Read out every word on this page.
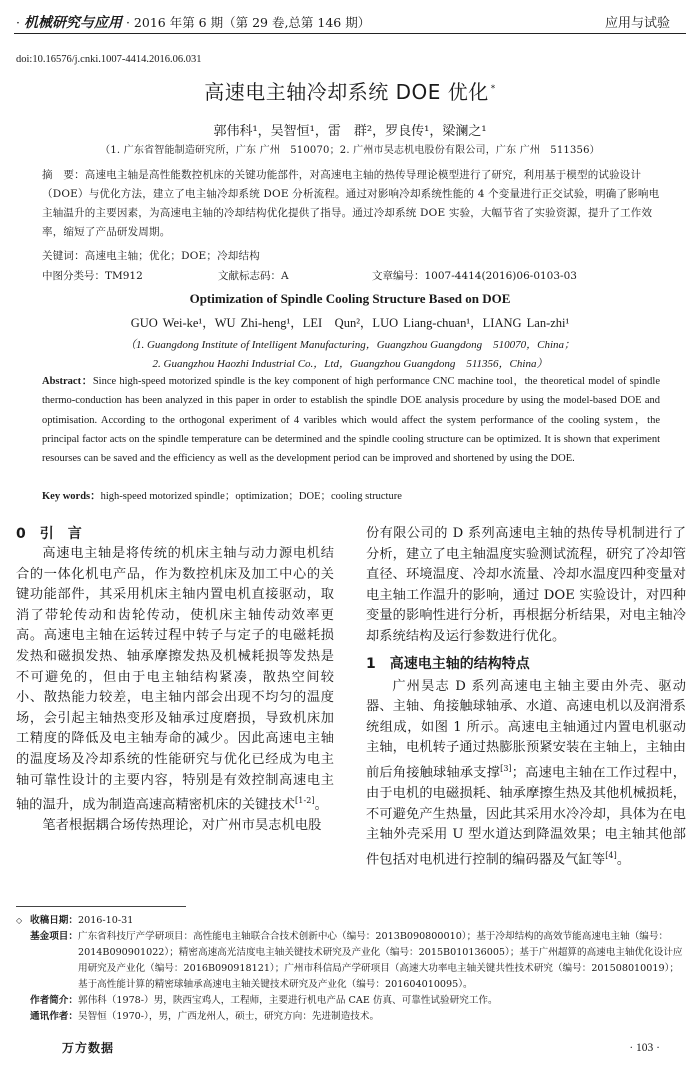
· 机械研究与应用 · 2016 年第 6 期（第 29 卷,总第 146 期）	应用与试验
doi:10.16576/j.cnki.1007-4414.2016.06.031
高速电主轴冷却系统 DOE 优化 *
郭伟科¹，吴智恒¹，雷　群²，罗良传¹，梁澜之¹
（1. 广东省智能制造研究所，广东 广州　510070；2. 广州市昊志机电股份有限公司，广东 广州　511356）
摘　要：高速电主轴是高性能数控机床的关键功能部件，对高速电主轴的热传导理论模型进行了研究，利用基于模型的试验设计（DOE）与优化方法，建立了电主轴冷却系统 DOE 分析流程。通过对影响冷却系统性能的 4 个变量进行正交试验，明确了影响电主轴温升的主要因素，为高速电主轴的冷却结构优化提供了指导。通过冷却系统 DOE 实验，大幅节省了实验资源，提升了工作效率，缩短了产品研发周期。
关键词：高速电主轴；优化；DOE；冷却结构
中图分类号：TM912	文献标志码：A	文章编号：1007-4414(2016)06-0103-03
Optimization of Spindle Cooling Structure Based on DOE
GUO Wei-ke¹，WU Zhi-heng¹，LEI　Qun²，LUO Liang-chuan¹，LIANG Lan-zhi¹
（1. Guangdong Institute of Intelligent Manufacturing，Guangzhou Guangdong　510070，China；
2. Guangzhou Haozhi Industrial Co.，Ltd，Guangzhou Guangdong　511356，China）
Abstract：Since high-speed motorized spindle is the key component of high performance CNC machine tool，the theoretical model of spindle thermo-conduction has been analyzed in this paper in order to establish the spindle DOE analysis procedure by using the model-based DOE and optimisation. According to the orthogonal experiment of 4 varibles which would affect the system performance of the cooling system，the principal factor acts on the spindle temperature can be determined and the spindle cooling structure can be optimized. It is shown that experiment resourses can be saved and the efficiency as well as the development period can be improved and shortened by using the DOE.
Key words：high-speed motorized spindle；optimization；DOE；cooling structure
0　引　言

高速电主轴是将传统的机床主轴与动力源电机结合的一体化机电产品，作为数控机床及加工中心的关键功能部件，其采用机床主轴内置电机直接驱动，取消了带轮传动和齿轮传动，使机床主轴传动效率更高。高速电主轴在运转过程中转子与定子的电磁耗损发热和磁损发热、轴承摩擦发热及机械耗损等发热是不可避免的，但由于电主轴结构紧凑，散热空间较小、散热能力较差，电主轴内部会出现不均匀的温度场，会引起主轴热变形及轴承过度磨损，导致机床加工精度的降低及电主轴寿命的减少。因此高速电主轴的温度场及冷却系统的性能研究与优化已经成为电主轴可靠性设计的主要内容，特别是有效控制高速电主轴的温升，成为制造高速高精密机床的关键技术[1-2]。

笔者根据耦合场传热理论，对广州市昊志机电股

份有限公司的 D 系列高速电主轴的热传导机制进行了分析，建立了电主轴温度实验测试流程，研究了冷却管直径、环境温度、冷却水流量、冷却水温度四种变量对电主轴工作温升的影响，通过 DOE 实验设计，对四种变量的影响性进行分析，再根据分析结果，对电主轴冷却系统结构及运行参数进行优化。

广州昊志 D 系列高速电主轴主要由外壳、驱动器、主轴、角接触球轴承、水道、高速电机以及润滑系统组成，如图 1 所示。高速电主轴通过内置电机驱动主轴，电机转子通过热膨胀预紧安装在主轴上，主轴由前后角接触球轴承支撑[3]；高速电主轴在工作过程中，由于电机的电磁损耗、轴承摩擦生热及其他机械损耗，不可避免产生热量，因此其采用水冷冷却，具体为在电主轴外壳采用 U 型水道达到降温效果；电主轴其他部件包括对电机进行控制的编码器及气缸等[4]。

1　高速电主轴的结构特点
◇ 收稿日期： 2016-10-31
基金项目： 广东省科技厅产学研项目：高性能电主轴联合合技术创新中心（编号：2013B090800010）；基于冷却结构的高效节能高速电主轴（编号：2014B090901022）；精密高速高光洁度电主轴关键技术研究及产业化（编号：2015B010136005）；基于广州超算的高速电主轴优化设计应用研究及产业化（编号：2016B090918121）；广州市科信局产学研项目（高速大功率电主轴关键共性技术研究（编号：201508010019）；基于高性能计算的精密球轴承高速电主轴关键技术研究及产业化（编号：201604010095）。
作者简介： 郭伟科（1978-）男，陕西宝鸡人，工程师，主要进行机电产品 CAE 仿真、可靠性试验研究工作。
通讯作者： 吴智恒（1970-），男，广西龙州人，硕士，研究方向：先进制造技术。
万方数据	· 103 ·
